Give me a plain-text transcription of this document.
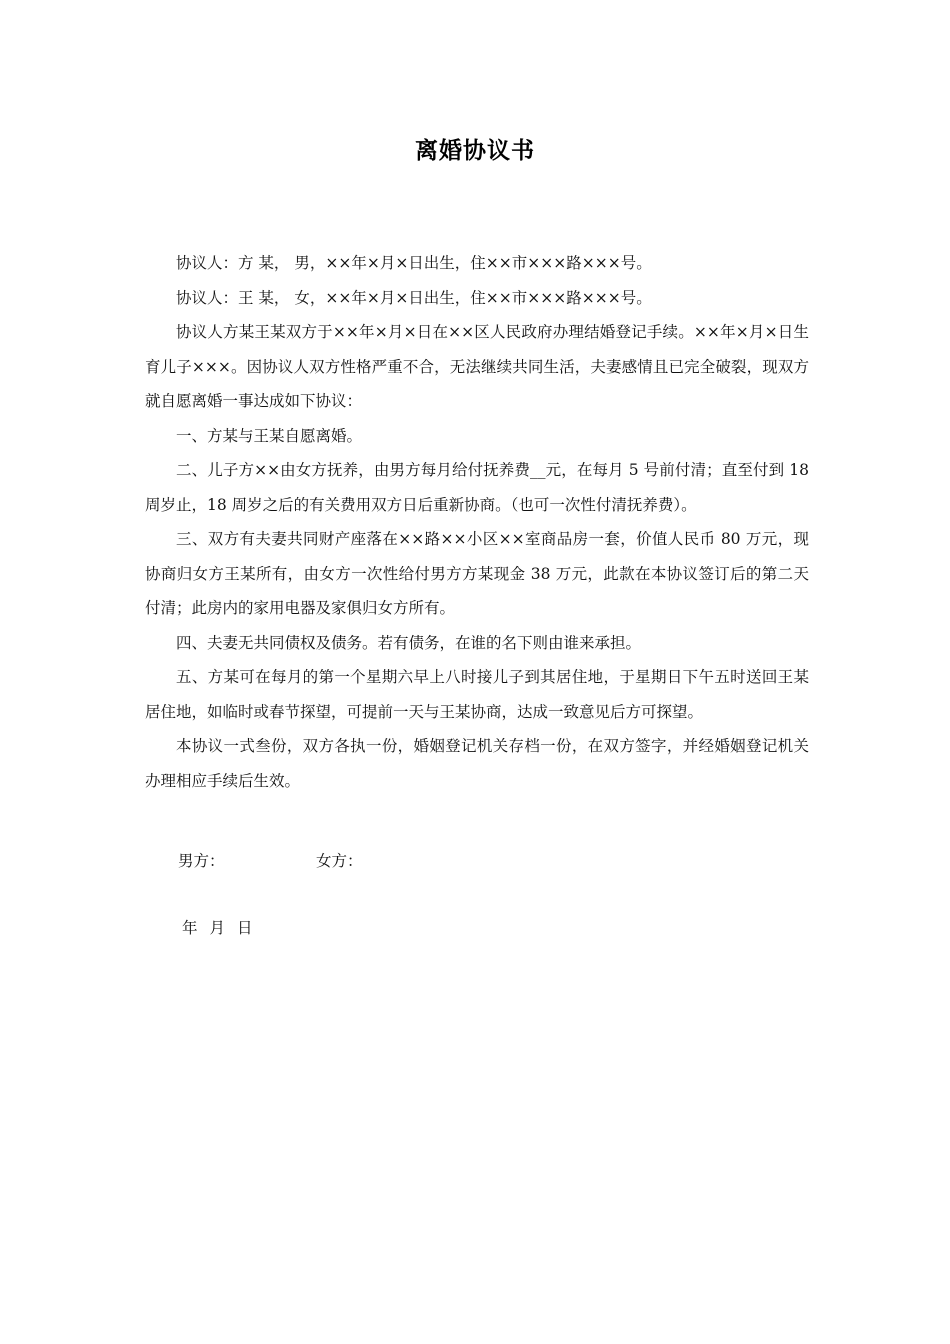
离婚协议书

协议人：方 某， 男，××年×月×日出生，住××市×××路×××号。

协议人：王 某， 女，××年×月×日出生，住××市×××路×××号。

协议人方某王某双方于××年×月×日在××区人民政府办理结婚登记手续。××年×月×日生育儿子×××。因协议人双方性格严重不合，无法继续共同生活，夫妻感情且已完全破裂，现双方就自愿离婚一事达成如下协议：

一、方某与王某自愿离婚。

二、儿子方××由女方抚养，由男方每月给付抚养费__元，在每月 5 号前付清；直至付到 18 周岁止，18 周岁之后的有关费用双方日后重新协商。（也可一次性付清抚养费）。

三、双方有夫妻共同财产座落在××路××小区××室商品房一套，价值人民币 80 万元，现协商归女方王某所有，由女方一次性给付男方方某现金 38 万元，此款在本协议签订后的第二天付清；此房内的家用电器及家俱归女方所有。

四、夫妻无共同债权及债务。若有债务，在谁的名下则由谁来承担。

五、方某可在每月的第一个星期六早上八时接儿子到其居住地，于星期日下午五时送回王某居住地，如临时或春节探望，可提前一天与王某协商，达成一致意见后方可探望。

本协议一式叁份，双方各执一份，婚姻登记机关存档一份，在双方签字，并经婚姻登记机关办理相应手续后生效。

男方：	女方：
年 月 日
